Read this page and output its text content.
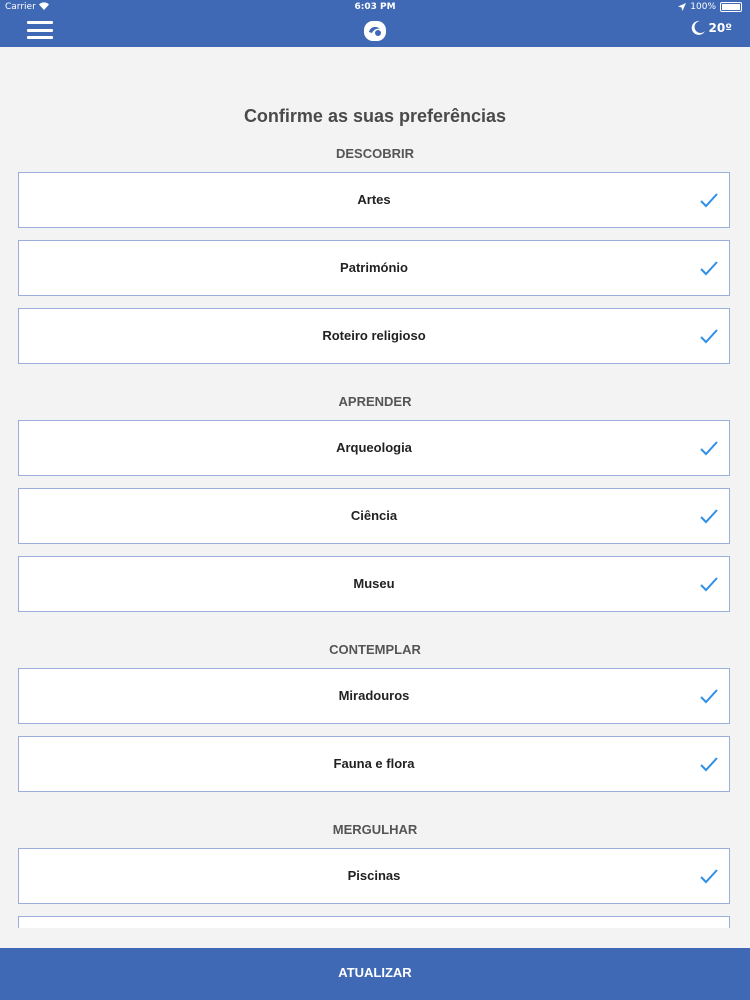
Carrier	6:03 PM	100%
20º
Confirme as suas preferências
DESCOBRIR
Artes
Património
Roteiro religioso
APRENDER
Arqueologia
Ciência
Museu
CONTEMPLAR
Miradouros
Fauna e flora
MERGULHAR
Piscinas
ATUALIZAR
